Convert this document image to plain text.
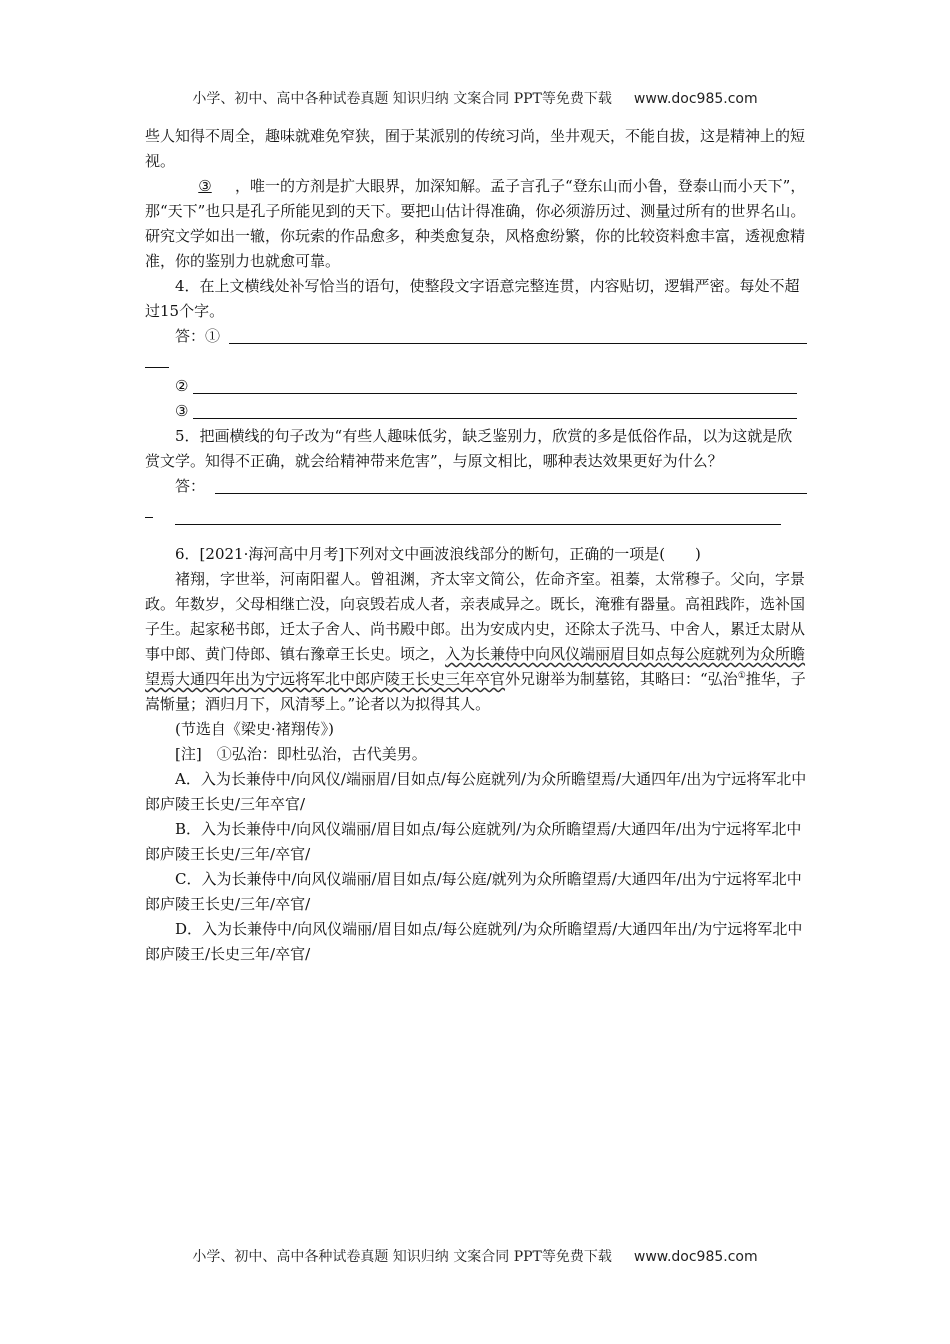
小学、初中、高中各种试卷真题 知识归纳 文案合同 PPT等免费下载 www.doc985.com

些人知得不周全，趣味就难免窄狭，囿于某派别的传统习尚，坐井观天，不能自拔，这是精神上的短视。

③ ，唯一的方剂是扩大眼界，加深知解。孟子言孔子“登东山而小鲁，登泰山而小天下”，那“天下”也只是孔子所能见到的天下。要把山估计得准确，你必须游历过、测量过所有的世界名山。研究文学如出一辙，你玩索的作品愈多，种类愈复杂，风格愈纷繁，你的比较资料愈丰富，透视愈精准，你的鉴别力也就愈可靠。

4．在上文横线处补写恰当的语句，使整段文字语意完整连贯，内容贴切，逻辑严密。每处不超过15个字。

答：①
②
③

5．把画横线的句子改为“有些人趣味低劣，缺乏鉴别力，欣赏的多是低俗作品，以为这就是欣赏文学。知得不正确，就会给精神带来危害”，与原文相比，哪种表达效果更好为什么？

答：

6．[2021·海河高中月考]下列对文中画波浪线部分的断句，正确的一项是(　　)

褚翔，字世举，河南阳翟人。曾祖渊，齐太宰文简公，佐命齐室。祖蓁，太常穆子。父向，字景政。年数岁，父母相继亡没，向哀毁若成人者，亲表咸异之。既长，淹雅有器量。高祖践阼，选补国子生。起家秘书郎，迁太子舍人、尚书殿中郎。出为安成内史，还除太子洗马、中舍人，累迁太尉从事中郎、黄门侍郎、镇右豫章王长史。顷之，入为长兼侍中向风仪端丽眉目如点每公庭就列为众所瞻望焉大通四年出为宁远将军北中郎庐陵王长史三年卒官外兄谢举为制墓铭，其略曰：“弘治①推华，子嵩惭量；酒归月下，风清琴上。”论者以为拟得其人。

(节选自《梁史·褚翔传》)

[注]　①弘治：即杜弘治，古代美男。

A．入为长兼侍中/向风仪/端丽眉/目如点/每公庭就列/为众所瞻望焉/大通四年/出为宁远将军北中郎庐陵王长史/三年卒官/

B．入为长兼侍中/向风仪端丽/眉目如点/每公庭就列/为众所瞻望焉/大通四年/出为宁远将军北中郎庐陵王长史/三年/卒官/

C．入为长兼侍中/向风仪端丽/眉目如点/每公庭/就列为众所瞻望焉/大通四年/出为宁远将军北中郎庐陵王长史/三年/卒官/

D．入为长兼侍中/向风仪端丽/眉目如点/每公庭就列/为众所瞻望焉/大通四年出/为宁远将军北中郎庐陵王/长史三年/卒官/

小学、初中、高中各种试卷真题 知识归纳 文案合同 PPT等免费下载 www.doc985.com
